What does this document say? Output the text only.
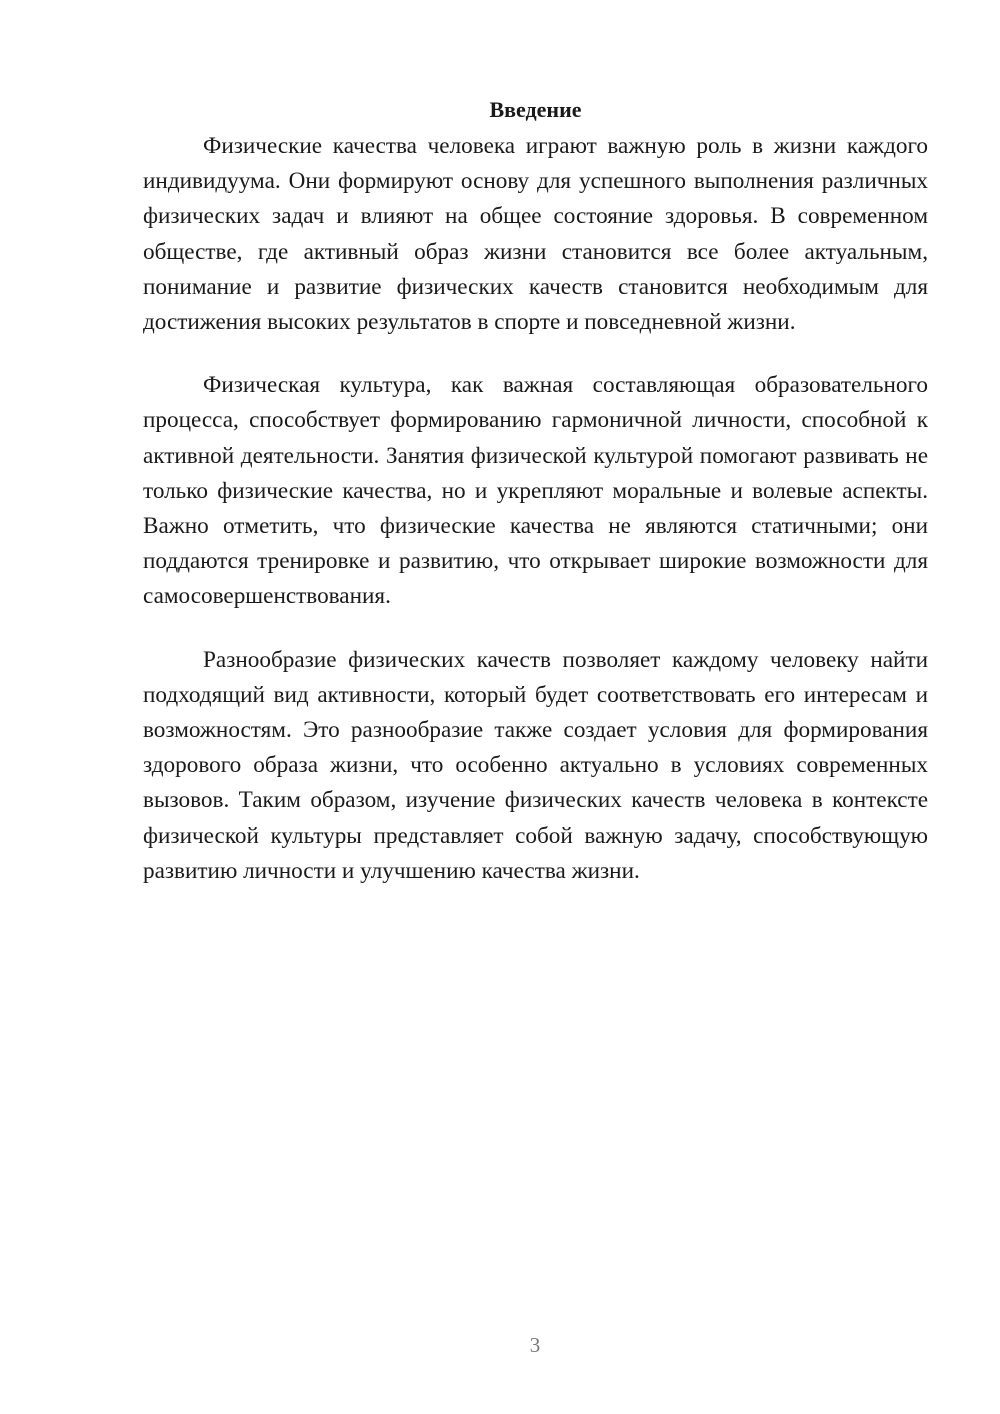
Введение

Физические качества человека играют важную роль в жизни каждого индивидуума. Они формируют основу для успешного выполнения различных физических задач и влияют на общее состояние здоровья. В современном обществе, где активный образ жизни становится все более актуальным, понимание и развитие физических качеств становится необходимым для достижения высоких результатов в спорте и повседневной жизни.

Физическая культура, как важная составляющая образовательного процесса, способствует формированию гармоничной личности, способной к активной деятельности. Занятия физической культурой помогают развивать не только физические качества, но и укрепляют моральные и волевые аспекты. Важно отметить, что физические качества не являются статичными; они поддаются тренировке и развитию, что открывает широкие возможности для самосовершенствования.

Разнообразие физических качеств позволяет каждому человеку найти подходящий вид активности, который будет соответствовать его интересам и возможностям. Это разнообразие также создает условия для формирования здорового образа жизни, что особенно актуально в условиях современных вызовов. Таким образом, изучение физических качеств человека в контексте физической культуры представляет собой важную задачу, способствующую развитию личности и улучшению качества жизни.

3
